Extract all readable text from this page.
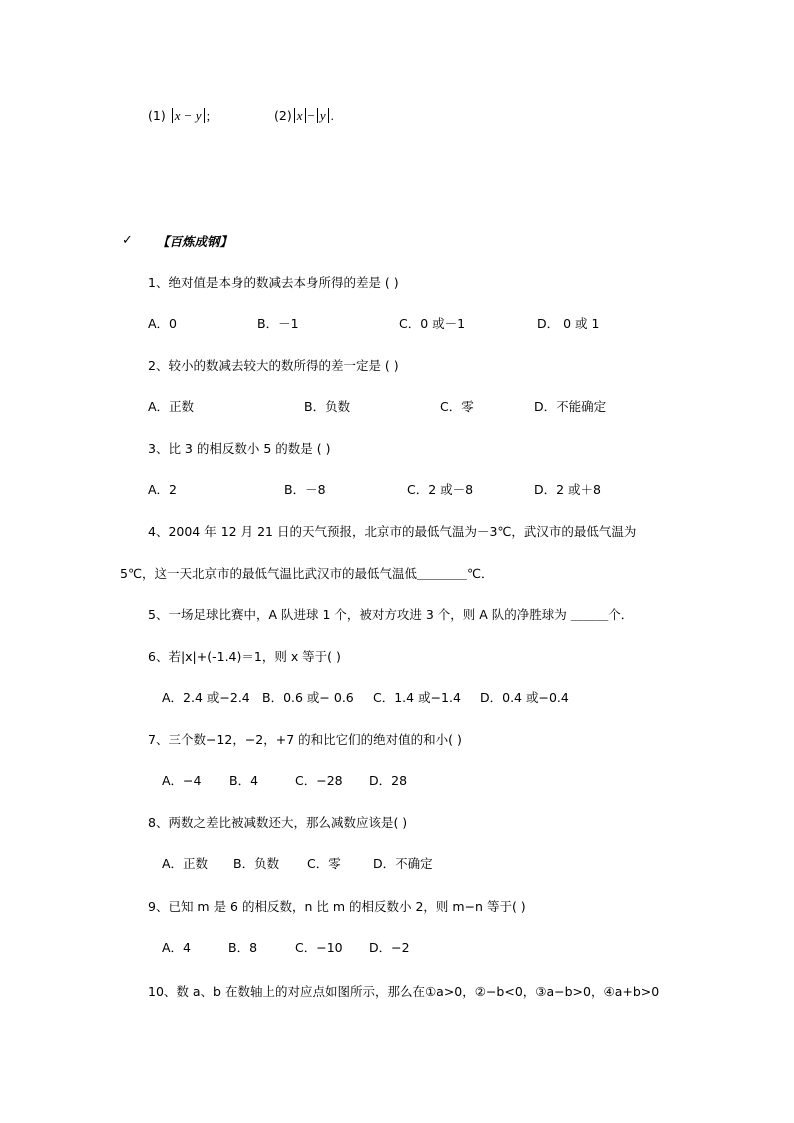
(1) x − y ;	(2) x − y .
✓ 【百炼成钢】
1、绝对值是本身的数减去本身所得的差是 ( )
A．0	B．－1	C．0 或－1	D． 0 或 1
2、较小的数减去较大的数所得的差一定是 ( )
A．正数	B．负数	C．零	D．不能确定
3、比 3 的相反数小 5 的数是 ( )
A．2	B．－8	C．2 或－8	D．2 或＋8
4、2004 年 12 月 21 日的天气预报，北京市的最低气温为－3℃，武汉市的最低气温为
5℃，这一天北京市的最低气温比武汉市的最低气温低＿＿＿＿℃．
5、一场足球比赛中，A 队进球 1 个，被对方攻进 3 个，则 A 队的净胜球为 ＿＿＿个．
6、若|x|+(-1.4)＝1，则 x 等于( )
A．2.4 或−2.4 B．0.6 或− 0.6 C．1.4 或−1.4 D．0.4 或−0.4
7、三个数−12，−2，+7 的和比它们的绝对值的和小( )
A．−4 B．4	C．−28 D．28
8、两数之差比被减数还大，那么减数应该是( )
A．正数 B．负数 C．零	D．不确定
9、已知 m 是 6 的相反数，n 比 m 的相反数小 2，则 m−n 等于( )
A．4	B．8	C．−10 D．−2
10、数 a、b 在数轴上的对应点如图所示，那么在①a>0，②−b<0，③a−b>0，④a+b>0
